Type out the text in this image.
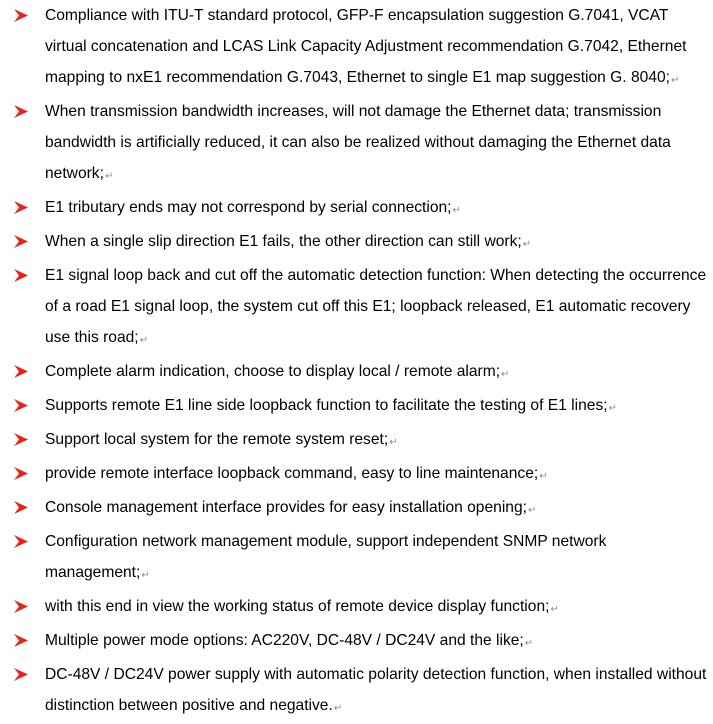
Compliance with ITU-T standard protocol, GFP-F encapsulation suggestion G.7041, VCAT virtual concatenation and LCAS Link Capacity Adjustment recommendation G.7042, Ethernet mapping to nxE1 recommendation G.7043, Ethernet to single E1 map suggestion G. 8040;↵
When transmission bandwidth increases, will not damage the Ethernet data; transmission bandwidth is artificially reduced, it can also be realized without damaging the Ethernet data network;↵
E1 tributary ends may not correspond by serial connection;↵
When a single slip direction E1 fails, the other direction can still work;↵
E1 signal loop back and cut off the automatic detection function: When detecting the occurrence of a road E1 signal loop, the system cut off this E1; loopback released, E1 automatic recovery use this road;↵
Complete alarm indication, choose to display local / remote alarm;↵
Supports remote E1 line side loopback function to facilitate the testing of E1 lines;↵
Support local system for the remote system reset;↵
provide remote interface loopback command, easy to line maintenance;↵
Console management interface provides for easy installation opening;↵
Configuration network management module, support independent SNMP network management;↵
with this end in view the working status of remote device display function;↵
Multiple power mode options: AC220V, DC-48V / DC24V and the like;↵
DC-48V / DC24V power supply with automatic polarity detection function, when installed without distinction between positive and negative.↵
